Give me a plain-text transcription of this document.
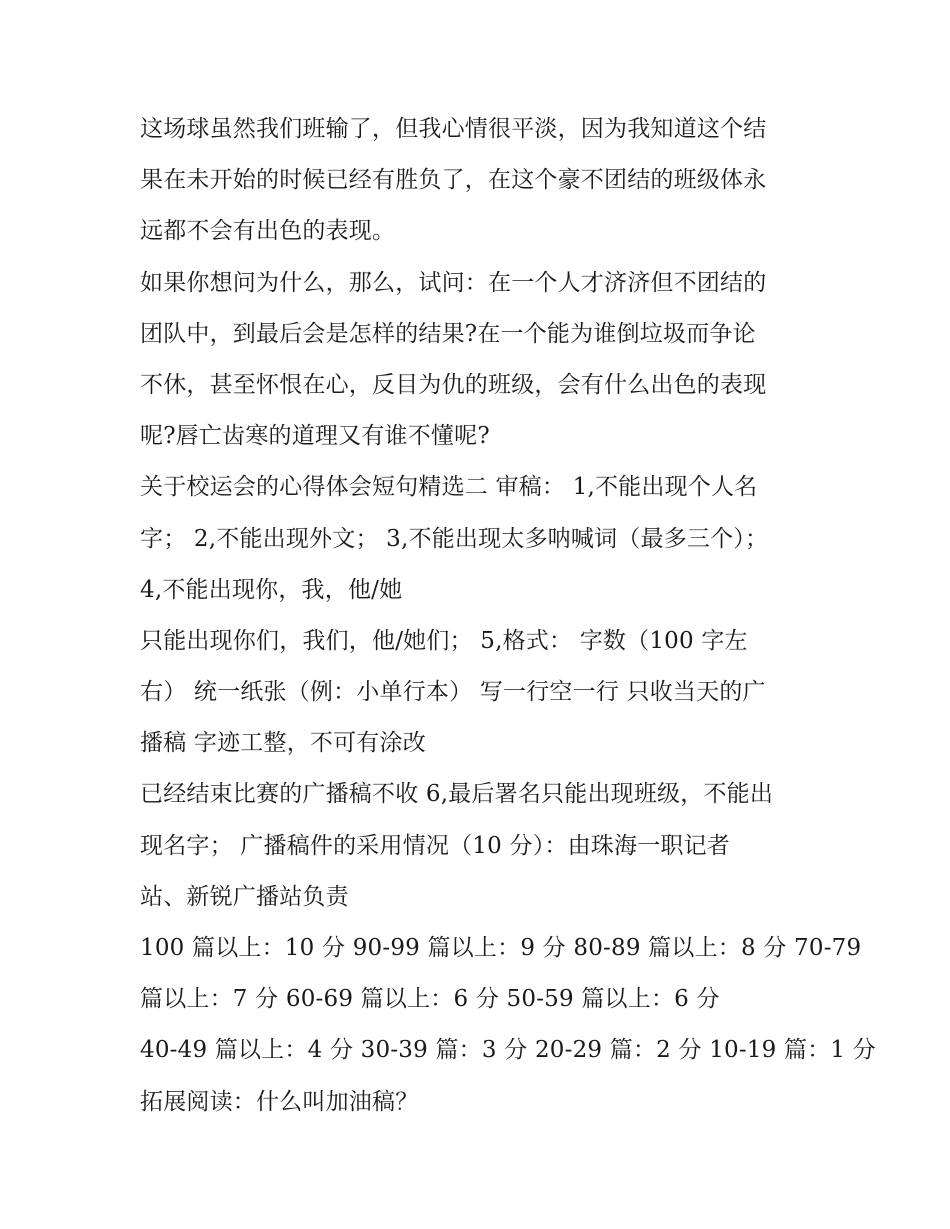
这场球虽然我们班输了，但我心情很平淡，因为我知道这个结
果在未开始的时候已经有胜负了，在这个豪不团结的班级体永
远都不会有出色的表现。
如果你想问为什么，那么，试问：在一个人才济济但不团结的
团队中，到最后会是怎样的结果?在一个能为谁倒垃圾而争论
不休，甚至怀恨在心，反目为仇的班级，会有什么出色的表现
呢?唇亡齿寒的道理又有谁不懂呢?
关于校运会的心得体会短句精选二 审稿： 1,不能出现个人名
字； 2,不能出现外文； 3,不能出现太多呐喊词（最多三个）；
4,不能出现你，我，他/她
只能出现你们，我们，他/她们； 5,格式： 字数（100 字左
右） 统一纸张（例：小单行本） 写一行空一行 只收当天的广
播稿 字迹工整，不可有涂改
已经结束比赛的广播稿不收 6,最后署名只能出现班级，不能出
现名字； 广播稿件的采用情况（10 分）：由珠海一职记者
站、新锐广播站负责
100 篇以上：10 分 90-99 篇以上：9 分 80-89 篇以上：8 分 70-79
篇以上：7 分 60-69 篇以上：6 分 50-59 篇以上：6 分
40-49 篇以上：4 分 30-39 篇：3 分 20-29 篇：2 分 10-19 篇：1 分
拓展阅读：什么叫加油稿？
